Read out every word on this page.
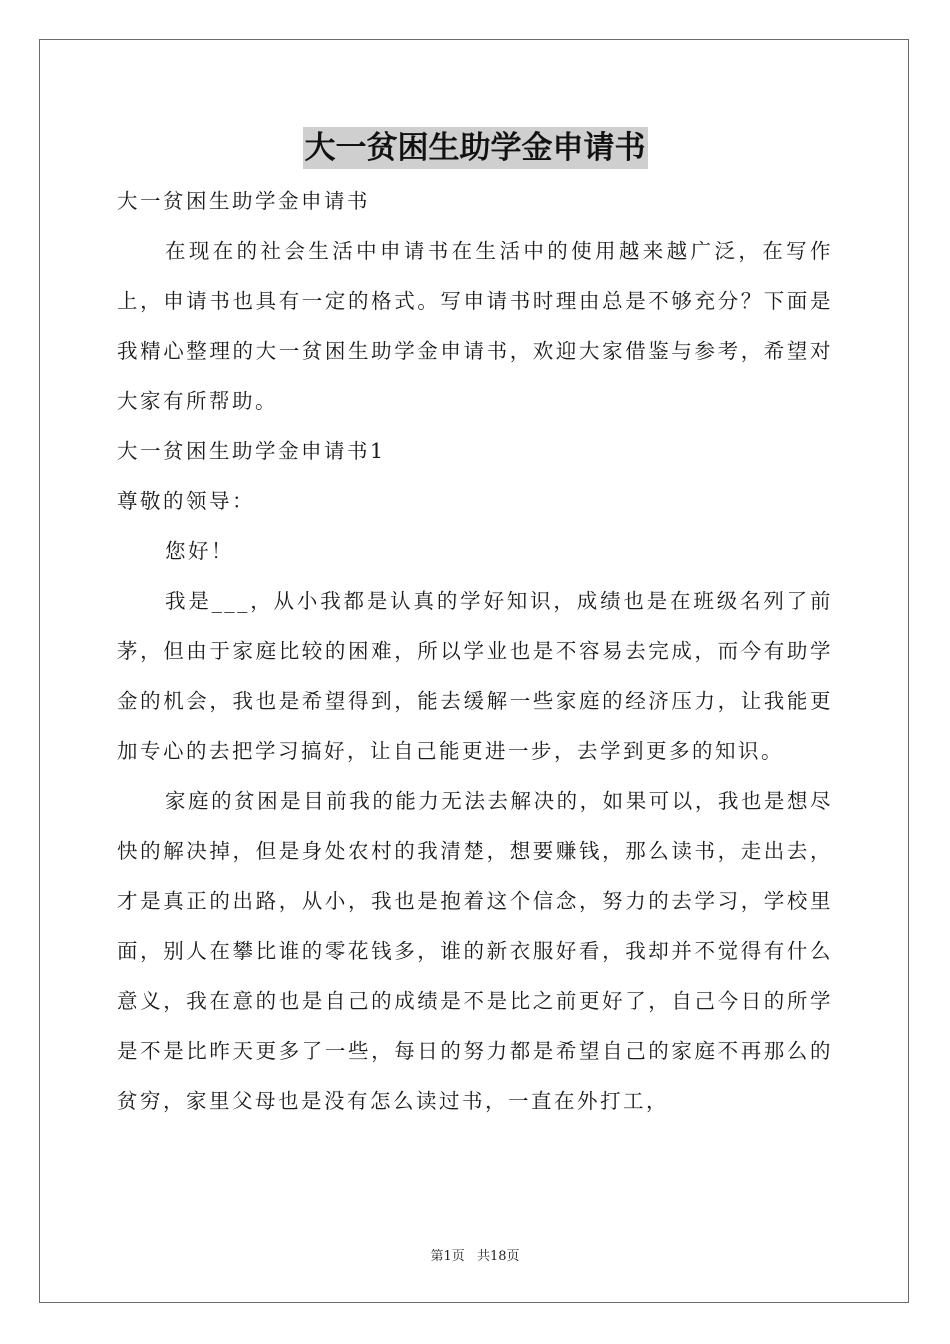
大一贫困生助学金申请书

大一贫困生助学金申请书

在现在的社会生活中申请书在生活中的使用越来越广泛，在写作上，申请书也具有一定的格式。写申请书时理由总是不够充分？下面是我精心整理的大一贫困生助学金申请书，欢迎大家借鉴与参考，希望对大家有所帮助。

大一贫困生助学金申请书1

尊敬的领导：

您好！

我是___，从小我都是认真的学好知识，成绩也是在班级名列了前茅，但由于家庭比较的困难，所以学业也是不容易去完成，而今有助学金的机会，我也是希望得到，能去缓解一些家庭的经济压力，让我能更加专心的去把学习搞好，让自己能更进一步，去学到更多的知识。

家庭的贫困是目前我的能力无法去解决的，如果可以，我也是想尽快的解决掉，但是身处农村的我清楚，想要赚钱，那么读书，走出去，才是真正的出路，从小，我也是抱着这个信念，努力的去学习，学校里面，别人在攀比谁的零花钱多，谁的新衣服好看，我却并不觉得有什么意义，我在意的也是自己的成绩是不是比之前更好了，自己今日的所学是不是比昨天更多了一些，每日的努力都是希望自己的家庭不再那么的贫穷，家里父母也是没有怎么读过书，一直在外打工，

第1页 共18页
